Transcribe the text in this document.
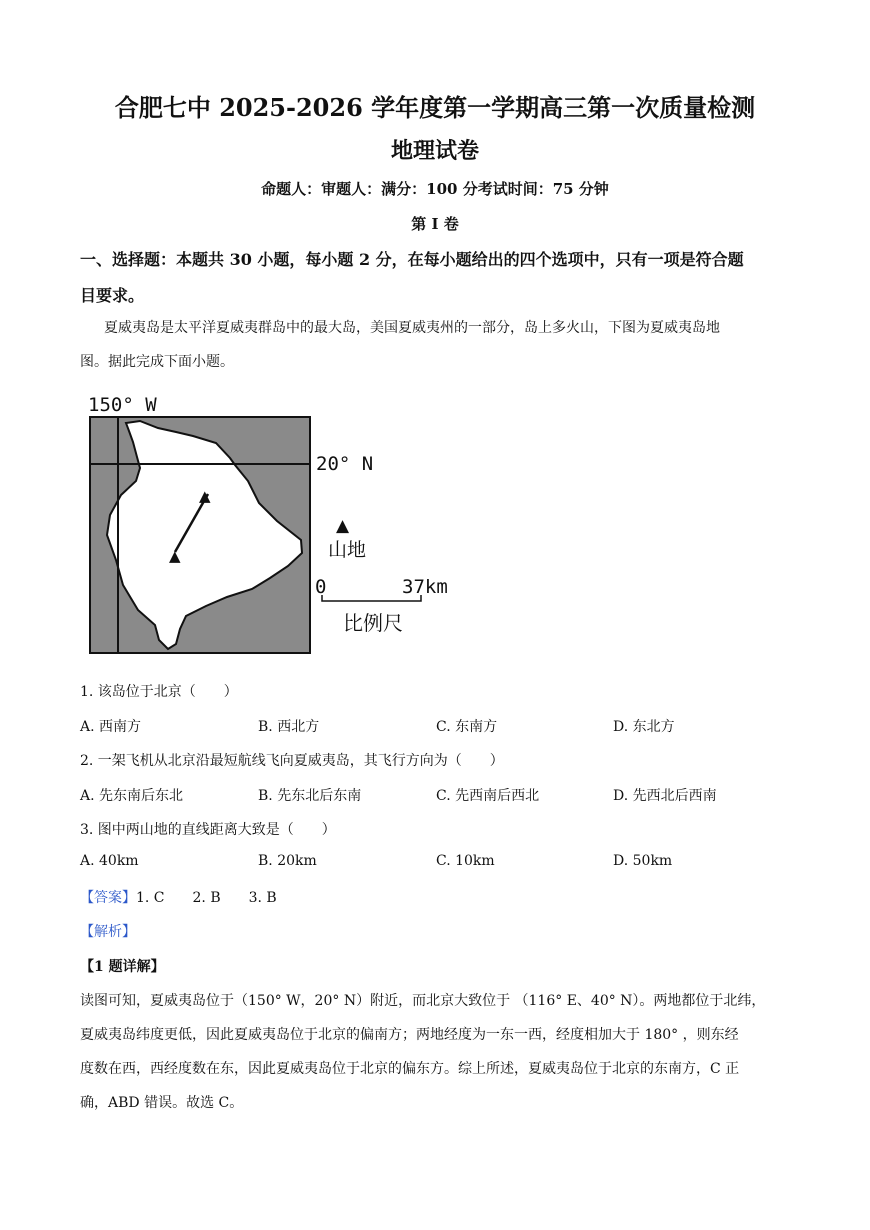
合肥七中 2025-2026 学年度第一学期高三第一次质量检测
地理试卷
命题人：审题人：满分：100 分考试时间：75 分钟
第 I 卷
一、选择题：本题共 30 小题，每小题 2 分，在每小题给出的四个选项中，只有一项是符合题
目要求。
夏威夷岛是太平洋夏威夷群岛中的最大岛，美国夏威夷州的一部分，岛上多火山，下图为夏威夷岛地
图。据此完成下面小题。
150° W
20° N
▲
▲
▲
山地
0	37km
比例尺
1. 该岛位于北京（　　）
A. 西南方	B. 西北方	C. 东南方	D. 东北方
2. 一架飞机从北京沿最短航线飞向夏威夷岛，其飞行方向为（　　）
A. 先东南后东北	B. 先东北后东南	C. 先西南后西北	D. 先西北后西南
3. 图中两山地的直线距离大致是（　　）
A. 40km	B. 20km	C. 10km	D. 50km
【答案】1. C　　2. B　　3. B
【解析】
【1 题详解】
读图可知，夏威夷岛位于（150° W，20° N）附近，而北京大致位于 （116° E、40° N）。两地都位于北纬，
夏威夷岛纬度更低，因此夏威夷岛位于北京的偏南方；两地经度为一东一西，经度相加大于 180° ，则东经
度数在西，西经度数在东，因此夏威夷岛位于北京的偏东方。综上所述，夏威夷岛位于北京的东南方，C 正
确，ABD 错误。故选 C。
